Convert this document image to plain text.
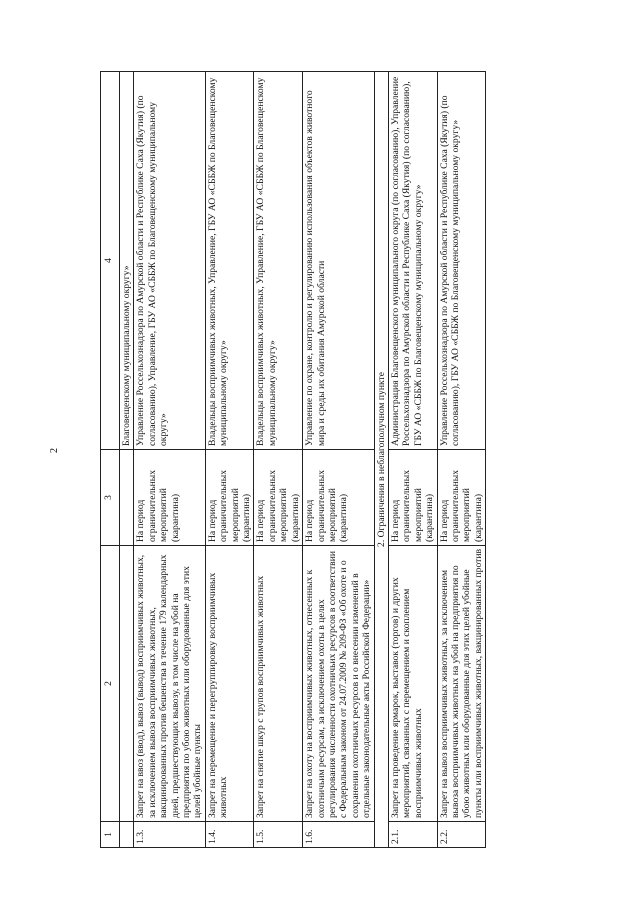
2
1	2	3	4
			Благовещенскому муниципальному округу»
1.3.	Запрет на ввоз (ввод), вывоз (вывод) восприимчивых животных, за исключением вывоза восприимчивых животных, вакцинированных против бешенства в течение 179 календарных дней, предшествующих вывозу, в том числе на убой на предприятия по убою животных или оборудованные для этих целей убойные пункты	На период ограничительных мероприятий (карантина)	Управление Россельхознадзора по Амурской области и Республике Саха (Якутия) (по согласованию), Управление, ГБУ АО «СББЖ по Благовещенскому муниципальному округу»
1.4.	Запрет на перемещение и перегруппировку восприимчивых животных	На период ограничительных мероприятий (карантина)	Владельцы восприимчивых животных, Управление, ГБУ АО «СББЖ по Благовещенскому муниципальному округу»
1.5.	Запрет на снятие шкур с трупов восприимчивых животных	На период ограничительных мероприятий (карантина)	Владельцы восприимчивых животных, Управление, ГБУ АО «СББЖ по Благовещенскому муниципальному округу»
1.6.	Запрет на охоту на восприимчивых животных, отнесенных к охотничьим ресурсам, за исключением охоты в целях регулирования численности охотничьих ресурсов в соответствии с Федеральным законом от 24.07.2009 № 209-ФЗ «Об охоте и о сохранении охотничьих ресурсов и о внесении изменений в отдельные законодательные акты Российской Федерации»	На период ограничительных мероприятий (карантина)	Управление по охране, контролю и регулированию использования объектов животного мира и среды их обитания Амурской области
2. Ограничения в неблагополучном пункте			
2.1.	Запрет на проведение ярмарок, выставок (торгов) и других мероприятий, связанных с перемещением и скоплением восприимчивых животных	На период ограничительных мероприятий (карантина)	Администрация Благовещенского муниципального округа (по согласованию), Управление Россельхознадзора по Амурской области и Республике Саха (Якутия) (по согласованию), ГБУ АО «СББЖ по Благовещенскому муниципальному округу»
2.2.	Запрет на вывоз восприимчивых животных, за исключением вывоза восприимчивых животных на убой на предприятия по убою животных или оборудованные для этих целей убойные пункты или восприимчивых животных, вакцинированных против	На период ограничительных мероприятий (карантина)	Управление Россельхознадзора по Амурской области и Республике Саха (Якутия) (по согласованию), ГБУ АО «СББЖ по Благовещенскому муниципальному округу»
